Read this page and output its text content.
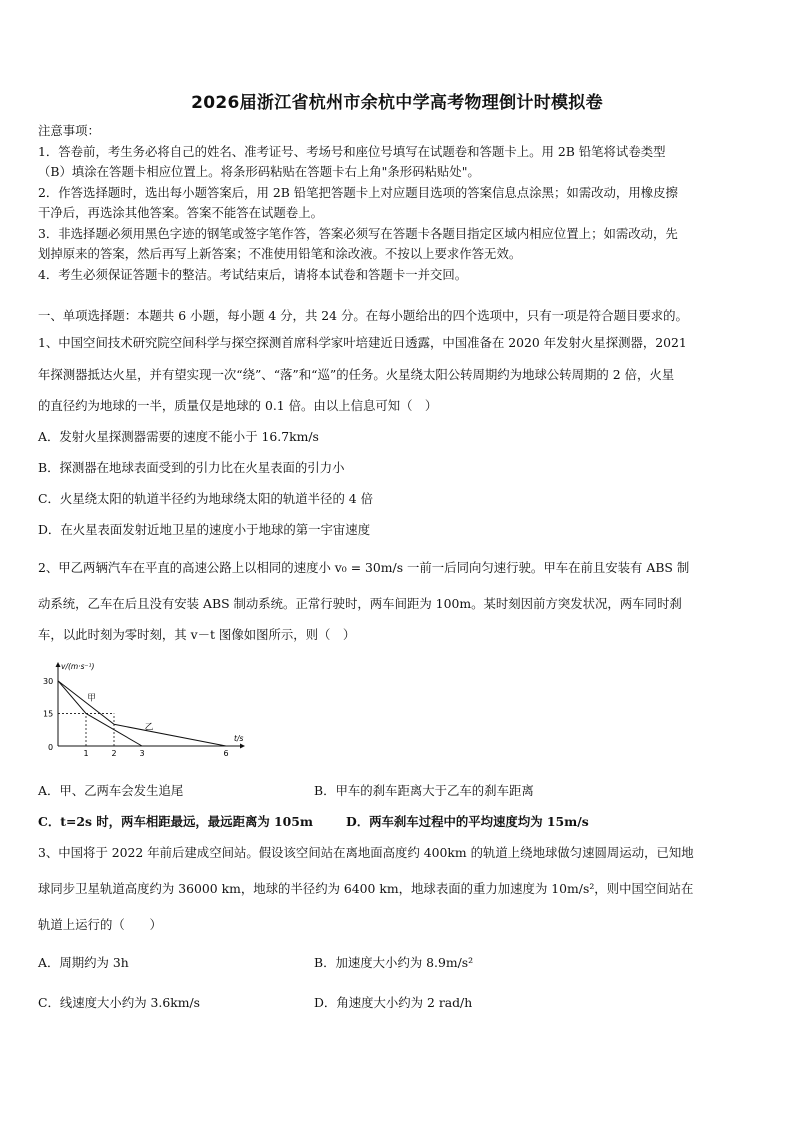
2026届浙江省杭州市余杭中学高考物理倒计时模拟卷
注意事项：
1．答卷前，考生务必将自己的姓名、准考证号、考场号和座位号填写在试题卷和答题卡上。用 2B 铅笔将试卷类型
（B）填涂在答题卡相应位置上。将条形码粘贴在答题卡右上角"条形码粘贴处"。
2．作答选择题时，选出每小题答案后，用 2B 铅笔把答题卡上对应题目选项的答案信息点涂黑；如需改动，用橡皮擦
干净后，再选涂其他答案。答案不能答在试题卷上。
3．非选择题必须用黑色字迹的钢笔或签字笔作答，答案必须写在答题卡各题目指定区域内相应位置上；如需改动，先
划掉原来的答案，然后再写上新答案；不准使用铅笔和涂改液。不按以上要求作答无效。
4．考生必须保证答题卡的整洁。考试结束后，请将本试卷和答题卡一并交回。
一、单项选择题：本题共 6 小题，每小题 4 分，共 24 分。在每小题给出的四个选项中，只有一项是符合题目要求的。
1、中国空间技术研究院空间科学与探空探测首席科学家叶培建近日透露，中国准备在 2020 年发射火星探测器，2021
年探测器抵达火星，并有望实现一次“绕”、“落”和“巡”的任务。火星绕太阳公转周期约为地球公转周期的 2 倍，火星
的直径约为地球的一半，质量仅是地球的 0.1 倍。由以上信息可知（　）
A．发射火星探测器需要的速度不能小于 16.7km/s
B．探测器在地球表面受到的引力比在火星表面的引力小
C．火星绕太阳的轨道半径约为地球绕太阳的轨道半径的 4 倍
D．在火星表面发射近地卫星的速度小于地球的第一宇宙速度
2、甲乙两辆汽车在平直的高速公路上以相同的速度小 v₀ = 30m/s 一前一后同向匀速行驶。甲车在前且安装有 ABS 制
动系统，乙车在后且没有安装 ABS 制动系统。正常行驶时，两车间距为 100m。某时刻因前方突发状况，两车同时刹
车，以此时刻为零时刻，其 v－t 图像如图所示，则（　）
v/(m·s⁻¹)
t/s
0
15
30
1	2	3	6
甲
乙
A．甲、乙两车会发生追尾	B．甲车的刹车距离大于乙车的刹车距离
C．t=2s 时，两车相距最远，最远距离为 105m	D．两车刹车过程中的平均速度均为 15m/s
3、中国将于 2022 年前后建成空间站。假设该空间站在离地面高度约 400km 的轨道上绕地球做匀速圆周运动，已知地
球同步卫星轨道高度约为 36000 km，地球的半径约为 6400 km，地球表面的重力加速度为 10m/s²，则中国空间站在
轨道上运行的（　　）
A．周期约为 3h	B．加速度大小约为 8.9m/s²
C．线速度大小约为 3.6km/s	D．角速度大小约为 2 rad/h
